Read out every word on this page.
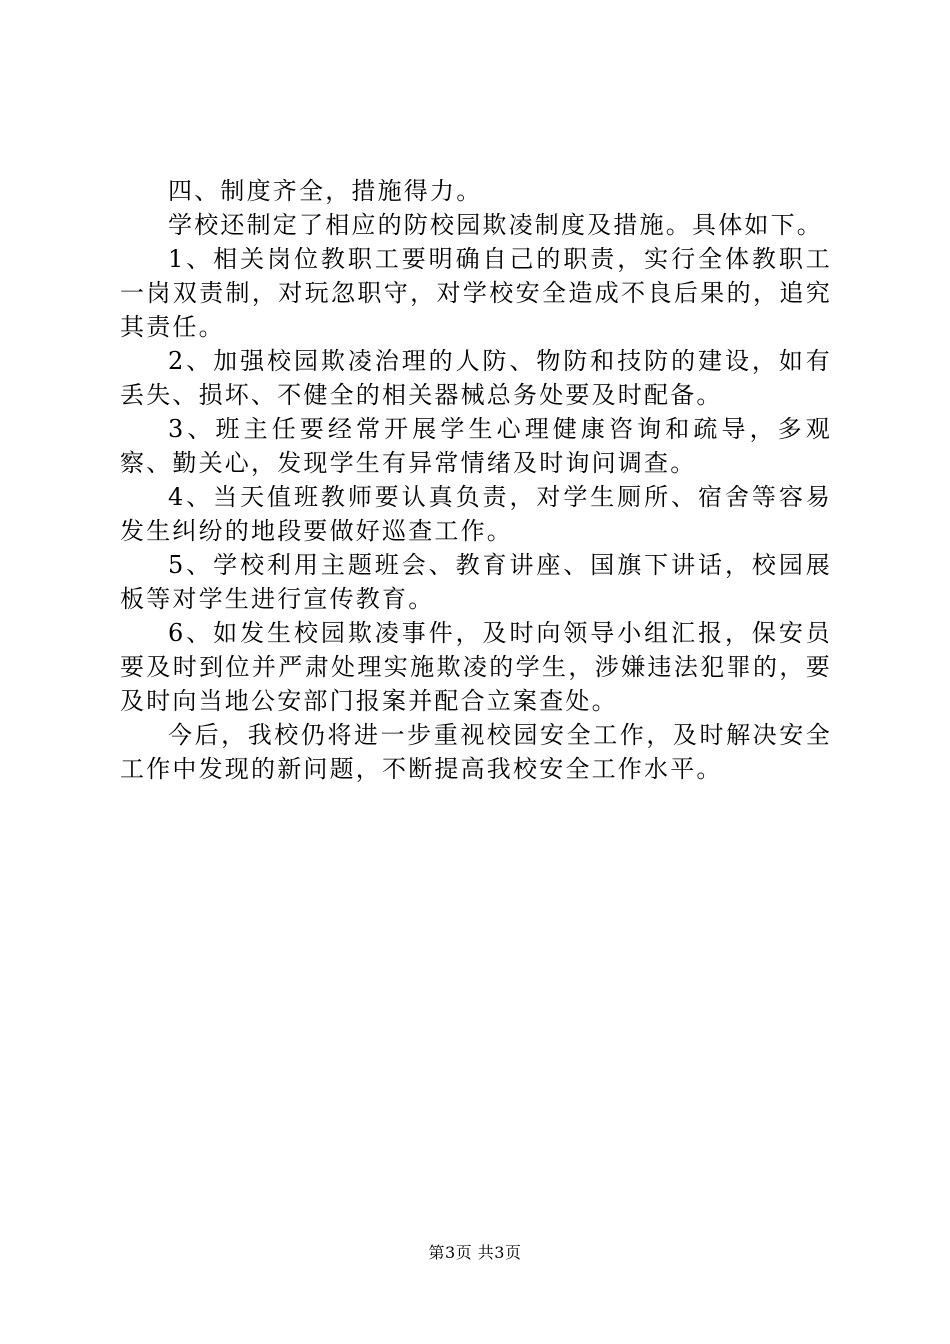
四、制度齐全，措施得力。

学校还制定了相应的防校园欺凌制度及措施。具体如下。

1、相关岗位教职工要明确自己的职责，实行全体教职工一岗双责制，对玩忽职守，对学校安全造成不良后果的，追究其责任。

2、加强校园欺凌治理的人防、物防和技防的建设，如有丢失、损坏、不健全的相关器械总务处要及时配备。

3、班主任要经常开展学生心理健康咨询和疏导，多观察、勤关心，发现学生有异常情绪及时询问调查。

4、当天值班教师要认真负责，对学生厕所、宿舍等容易发生纠纷的地段要做好巡查工作。

5、学校利用主题班会、教育讲座、国旗下讲话，校园展板等对学生进行宣传教育。

6、如发生校园欺凌事件，及时向领导小组汇报，保安员要及时到位并严肃处理实施欺凌的学生，涉嫌违法犯罪的，要及时向当地公安部门报案并配合立案查处。

今后，我校仍将进一步重视校园安全工作，及时解决安全工作中发现的新问题，不断提高我校安全工作水平。

第3页 共3页
